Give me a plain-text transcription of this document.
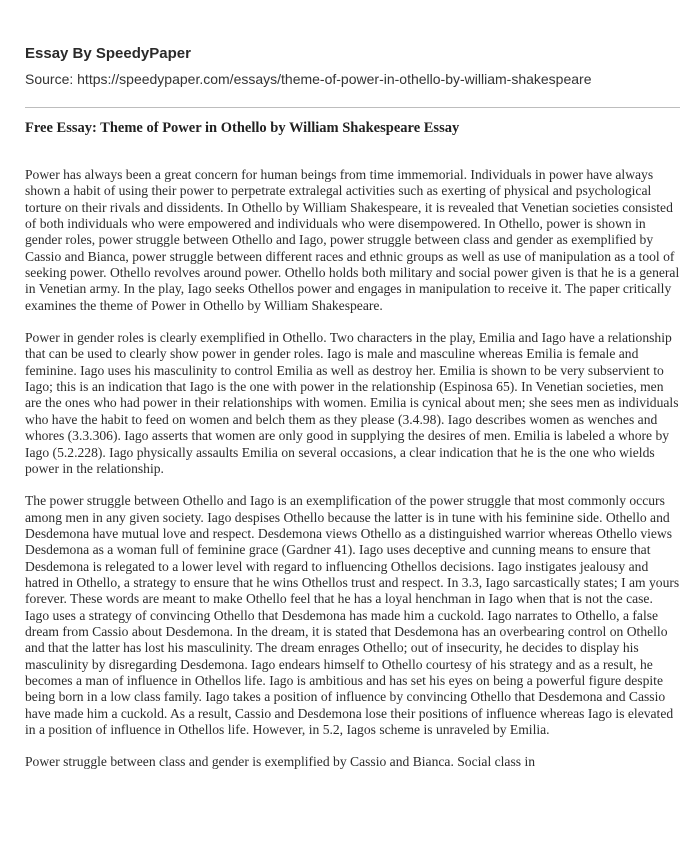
Essay By SpeedyPaper
Source: https://speedypaper.com/essays/theme-of-power-in-othello-by-william-shakespeare
Free Essay: Theme of Power in Othello by William Shakespeare Essay

Power has always been a great concern for human beings from time immemorial. Individuals in power have always shown a habit of using their power to perpetrate extralegal activities such as exerting of physical and psychological torture on their rivals and dissidents. In Othello by William Shakespeare, it is revealed that Venetian societies consisted of both individuals who were empowered and individuals who were disempowered. In Othello, power is shown in gender roles, power struggle between Othello and Iago, power struggle between class and gender as exemplified by Cassio and Bianca, power struggle between different races and ethnic groups as well as use of manipulation as a tool of seeking power. Othello revolves around power. Othello holds both military and social power given is that he is a general in Venetian army. In the play, Iago seeks Othellos power and engages in manipulation to receive it. The paper critically examines the theme of Power in Othello by William Shakespeare.

Power in gender roles is clearly exemplified in Othello. Two characters in the play, Emilia and Iago have a relationship that can be used to clearly show power in gender roles. Iago is male and masculine whereas Emilia is female and feminine. Iago uses his masculinity to control Emilia as well as destroy her. Emilia is shown to be very subservient to Iago; this is an indication that Iago is the one with power in the relationship (Espinosa 65). In Venetian societies, men are the ones who had power in their relationships with women. Emilia is cynical about men; she sees men as individuals who have the habit to feed on women and belch them as they please (3.4.98). Iago describes women as wenches and whores (3.3.306). Iago asserts that women are only good in supplying the desires of men. Emilia is labeled a whore by Iago (5.2.228). Iago physically assaults Emilia on several occasions, a clear indication that he is the one who wields power in the relationship.

The power struggle between Othello and Iago is an exemplification of the power struggle that most commonly occurs among men in any given society. Iago despises Othello because the latter is in tune with his feminine side. Othello and Desdemona have mutual love and respect. Desdemona views Othello as a distinguished warrior whereas Othello views Desdemona as a woman full of feminine grace (Gardner 41). Iago uses deceptive and cunning means to ensure that Desdemona is relegated to a lower level with regard to influencing Othellos decisions. Iago instigates jealousy and hatred in Othello, a strategy to ensure that he wins Othellos trust and respect. In 3.3, Iago sarcastically states; I am yours forever. These words are meant to make Othello feel that he has a loyal henchman in Iago when that is not the case. Iago uses a strategy of convincing Othello that Desdemona has made him a cuckold. Iago narrates to Othello, a false dream from Cassio about Desdemona. In the dream, it is stated that Desdemona has an overbearing control on Othello and that the latter has lost his masculinity. The dream enrages Othello; out of insecurity, he decides to display his masculinity by disregarding Desdemona. Iago endears himself to Othello courtesy of his strategy and as a result, he becomes a man of influence in Othellos life. Iago is ambitious and has set his eyes on being a powerful figure despite being born in a low class family. Iago takes a position of influence by convincing Othello that Desdemona and Cassio have made him a cuckold. As a result, Cassio and Desdemona lose their positions of influence whereas Iago is elevated in a position of influence in Othellos life. However, in 5.2, Iagos scheme is unraveled by Emilia.

Power struggle between class and gender is exemplified by Cassio and Bianca. Social class in
